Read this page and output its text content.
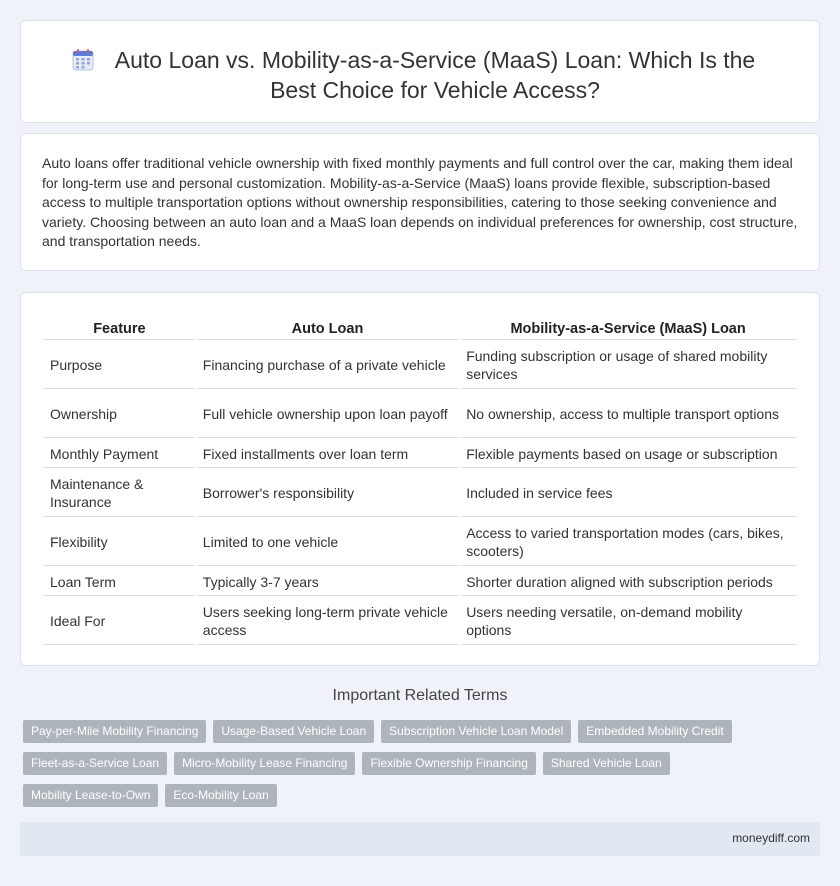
Auto Loan vs. Mobility-as-a-Service (MaaS) Loan: Which Is the Best Choice for Vehicle Access?

Auto loans offer traditional vehicle ownership with fixed monthly payments and full control over the car, making them ideal for long-term use and personal customization. Mobility-as-a-Service (MaaS) loans provide flexible, subscription-based access to multiple transportation options without ownership responsibilities, catering to those seeking convenience and variety. Choosing between an auto loan and a MaaS loan depends on individual preferences for ownership, cost structure, and transportation needs.

Feature	Auto Loan	Mobility-as-a-Service (MaaS) Loan
Purpose	Financing purchase of a private vehicle	Funding subscription or usage of shared mobility services
Ownership	Full vehicle ownership upon loan payoff	No ownership, access to multiple transport options
Monthly Payment	Fixed installments over loan term	Flexible payments based on usage or subscription
Maintenance & Insurance	Borrower's responsibility	Included in service fees
Flexibility	Limited to one vehicle	Access to varied transportation modes (cars, bikes, scooters)
Loan Term	Typically 3-7 years	Shorter duration aligned with subscription periods
Ideal For	Users seeking long-term private vehicle access	Users needing versatile, on-demand mobility options
Important Related Terms
Pay-per-Mile Mobility Financing	Usage-Based Vehicle Loan	Subscription Vehicle Loan Model	Embedded Mobility Credit
Fleet-as-a-Service Loan	Micro-Mobility Lease Financing	Flexible Ownership Financing	Shared Vehicle Loan
Mobility Lease-to-Own	Eco-Mobility Loan
moneydiff.com
